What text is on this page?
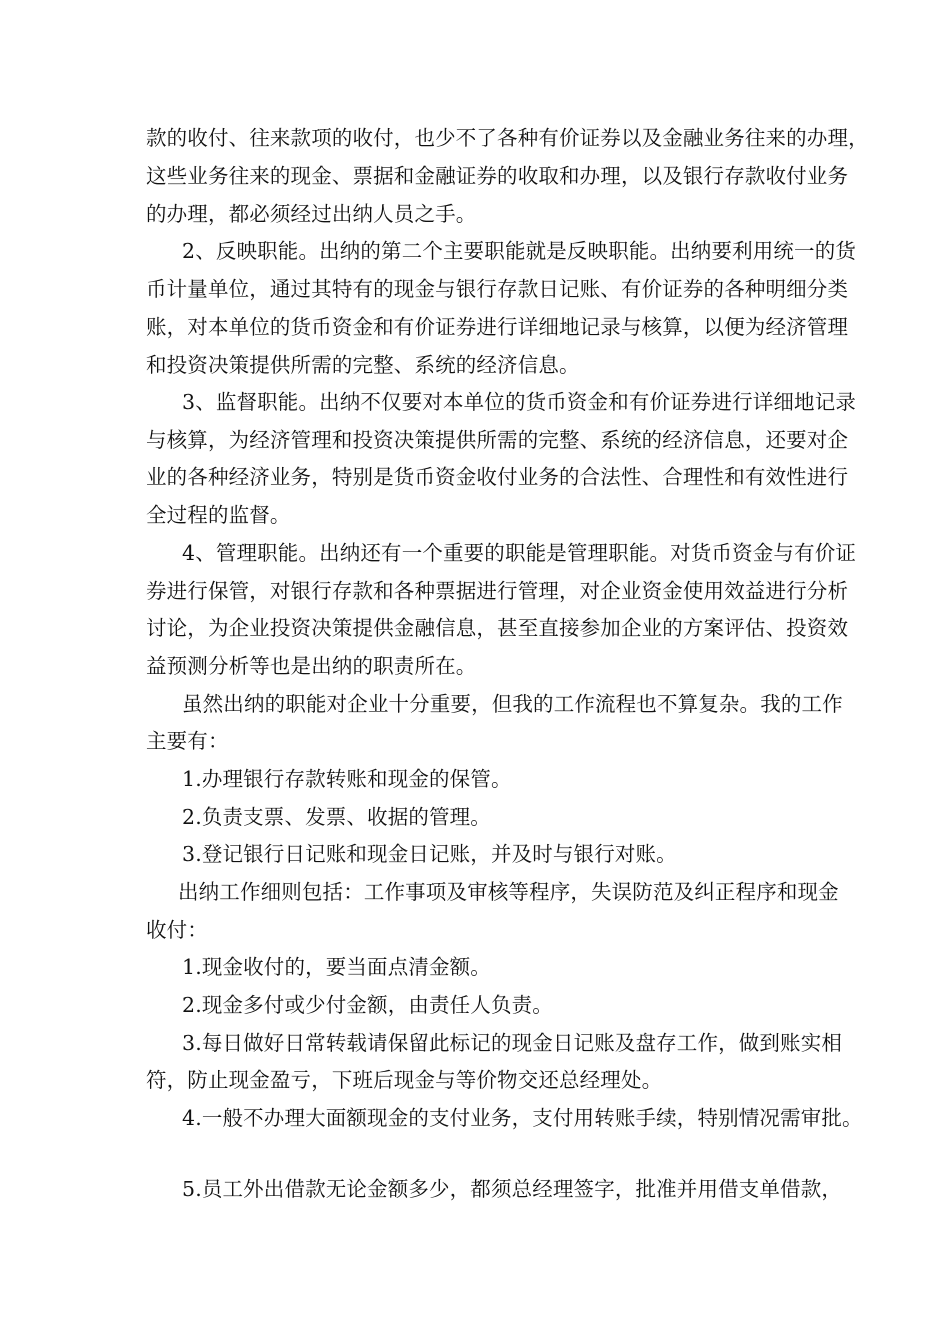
款的收付、往来款项的收付，也少不了各种有价证券以及金融业务往来的办理，
这些业务往来的现金、票据和金融证券的收取和办理，以及银行存款收付业务
的办理，都必须经过出纳人员之手。
2、反映职能。出纳的第二个主要职能就是反映职能。出纳要利用统一的货
币计量单位，通过其特有的现金与银行存款日记账、有价证券的各种明细分类
账，对本单位的货币资金和有价证券进行详细地记录与核算，以便为经济管理
和投资决策提供所需的完整、系统的经济信息。
3、监督职能。出纳不仅要对本单位的货币资金和有价证券进行详细地记录
与核算，为经济管理和投资决策提供所需的完整、系统的经济信息，还要对企
业的各种经济业务，特别是货币资金收付业务的合法性、合理性和有效性进行
全过程的监督。
4、管理职能。出纳还有一个重要的职能是管理职能。对货币资金与有价证
券进行保管，对银行存款和各种票据进行管理，对企业资金使用效益进行分析
讨论，为企业投资决策提供金融信息，甚至直接参加企业的方案评估、投资效
益预测分析等也是出纳的职责所在。
虽然出纳的职能对企业十分重要，但我的工作流程也不算复杂。我的工作
主要有：
1.办理银行存款转账和现金的保管。
2.负责支票、发票、收据的管理。
3.登记银行日记账和现金日记账，并及时与银行对账。
出纳工作细则包括：工作事项及审核等程序，失误防范及纠正程序和现金
收付：
1.现金收付的，要当面点清金额。
2.现金多付或少付金额，由责任人负责。
3.每日做好日常转载请保留此标记的现金日记账及盘存工作，做到账实相
符，防止现金盈亏，下班后现金与等价物交还总经理处。
4.一般不办理大面额现金的支付业务，支付用转账手续，特别情况需审批。
5.员工外出借款无论金额多少，都须总经理签字，批准并用借支单借款，
